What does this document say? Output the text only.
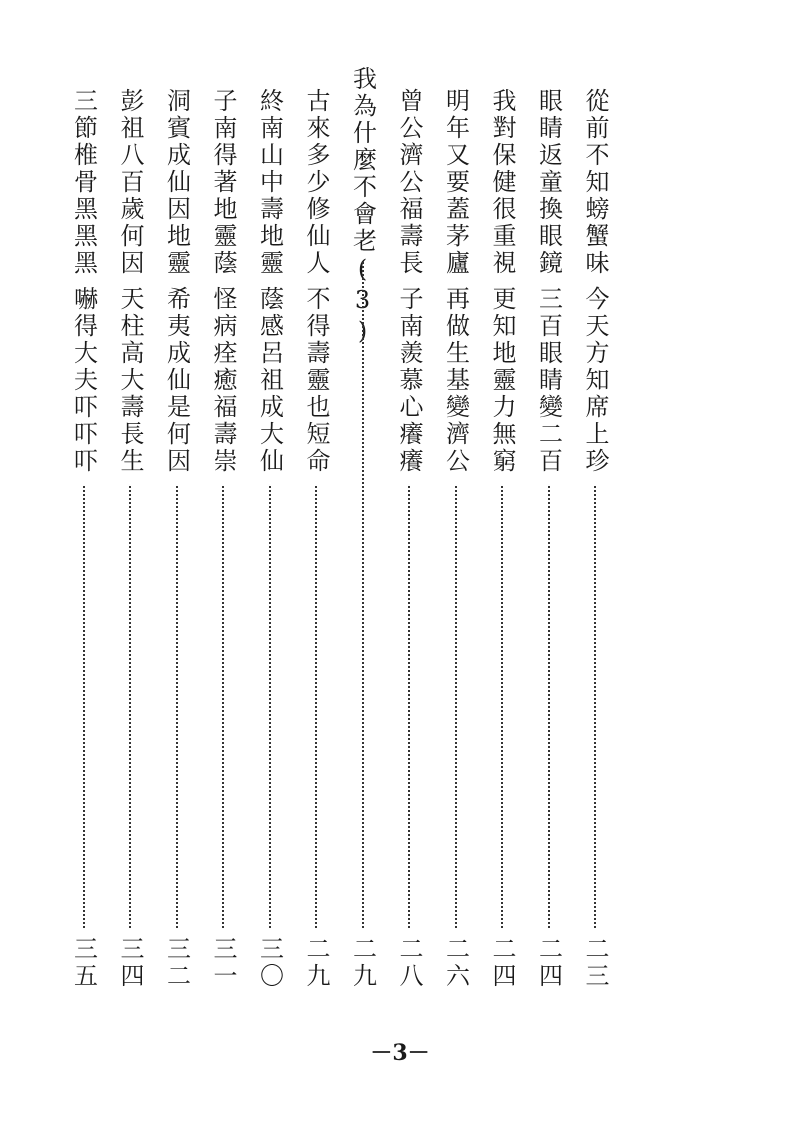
從前不知螃蟹味
今天方知席上珍
二三
眼睛返童換眼鏡
三百眼睛變二百
二四
我對保健很重視
更知地靈力無窮
二四
明年又要蓋茅廬
再做生基變濟公
二六
曾公濟公福壽長
子南羨慕心癢癢
二八
我為什麼不會老(3)
二九
古來多少修仙人
不得壽靈也短命
二九
終南山中壽地靈
蔭感呂祖成大仙
三〇
子南得著地靈蔭
怪病痊癒福壽崇
三一
洞賓成仙因地靈
希夷成仙是何因
三二
彭祖八百歲何因
天柱高大壽長生
三四
三節椎骨黑黑黑
嚇得大夫吓吓吓
三五
－3－
